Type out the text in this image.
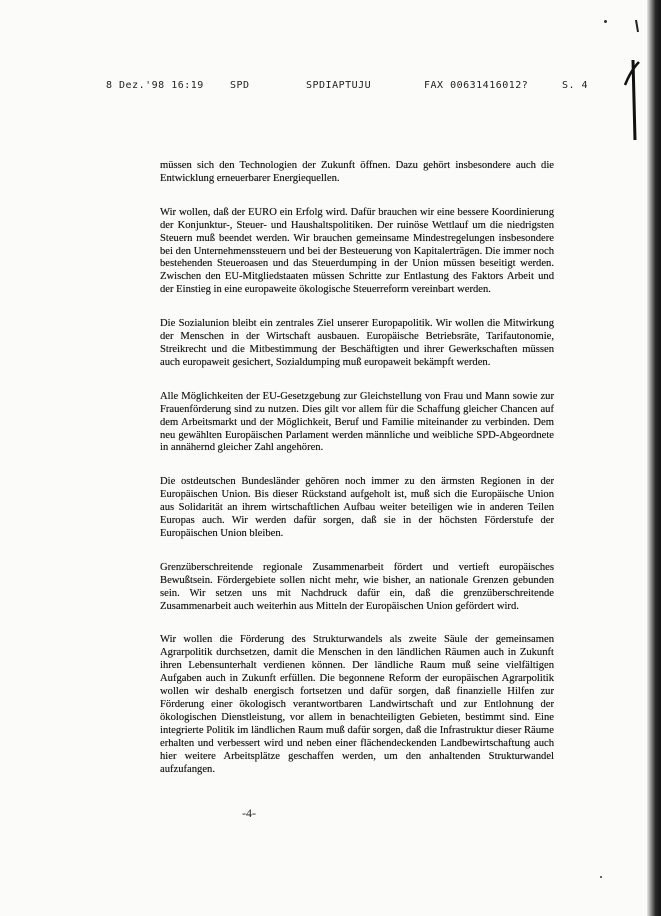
8 Dez.'98 16:19	SPD	SPDIAPTUJU	FAX 00631416012?	S. 4

müssen sich den Technologien der Zukunft öffnen. Dazu gehört insbesondere auch die Entwicklung erneuerbarer Energiequellen.

Wir wollen, daß der EURO ein Erfolg wird. Dafür brauchen wir eine bessere Koordinierung der Konjunktur-, Steuer- und Haushaltspolitiken. Der ruinöse Wettlauf um die niedrigsten Steuern muß beendet werden. Wir brauchen gemeinsame Mindestregelungen insbesondere bei den Unternehmenssteuern und bei der Besteuerung von Kapitalerträgen. Die immer noch bestehenden Steueroasen und das Steuerdumping in der Union müssen beseitigt werden. Zwischen den EU-Mitgliedstaaten müssen Schritte zur Entlastung des Faktors Arbeit und der Einstieg in eine europaweite ökologische Steuerreform vereinbart werden.

Die Sozialunion bleibt ein zentrales Ziel unserer Europapolitik. Wir wollen die Mitwirkung der Menschen in der Wirtschaft ausbauen. Europäische Betriebsräte, Tarifautonomie, Streikrecht und die Mitbestimmung der Beschäftigten und ihrer Gewerkschaften müssen auch europaweit gesichert, Sozialdumping muß europaweit bekämpft werden.

Alle Möglichkeiten der EU-Gesetzgebung zur Gleichstellung von Frau und Mann sowie zur Frauenförderung sind zu nutzen. Dies gilt vor allem für die Schaffung gleicher Chancen auf dem Arbeitsmarkt und der Möglichkeit, Beruf und Familie miteinander zu verbinden. Dem neu gewählten Europäischen Parlament werden männliche und weibliche SPD-Abgeordnete in annähernd gleicher Zahl angehören.

Die ostdeutschen Bundesländer gehören noch immer zu den ärmsten Regionen in der Europäischen Union. Bis dieser Rückstand aufgeholt ist, muß sich die Europäische Union aus Solidarität an ihrem wirtschaftlichen Aufbau weiter beteiligen wie in anderen Teilen Europas auch. Wir werden dafür sorgen, daß sie in der höchsten Förderstufe der Europäischen Union bleiben.

Grenzüberschreitende regionale Zusammenarbeit fördert und vertieft europäisches Bewußtsein. Fördergebiete sollen nicht mehr, wie bisher, an nationale Grenzen gebunden sein. Wir setzen uns mit Nachdruck dafür ein, daß die grenzüberschreitende Zusammenarbeit auch weiterhin aus Mitteln der Europäischen Union gefördert wird.

Wir wollen die Förderung des Strukturwandels als zweite Säule der gemeinsamen Agrarpolitik durchsetzen, damit die Menschen in den ländlichen Räumen auch in Zukunft ihren Lebensunterhalt verdienen können. Der ländliche Raum muß seine vielfältigen Aufgaben auch in Zukunft erfüllen. Die begonnene Reform der europäischen Agrarpolitik wollen wir deshalb energisch fortsetzen und dafür sorgen, daß finanzielle Hilfen zur Förderung einer ökologisch verantwortbaren Landwirtschaft und zur Entlohnung der ökologischen Dienstleistung, vor allem in benachteiligten Gebieten, bestimmt sind. Eine integrierte Politik im ländlichen Raum muß dafür sorgen, daß die Infrastruktur dieser Räume erhalten und verbessert wird und neben einer flächendeckenden Landbewirtschaftung auch hier weitere Arbeitsplätze geschaffen werden, um den anhaltenden Strukturwandel aufzufangen.

-4-
